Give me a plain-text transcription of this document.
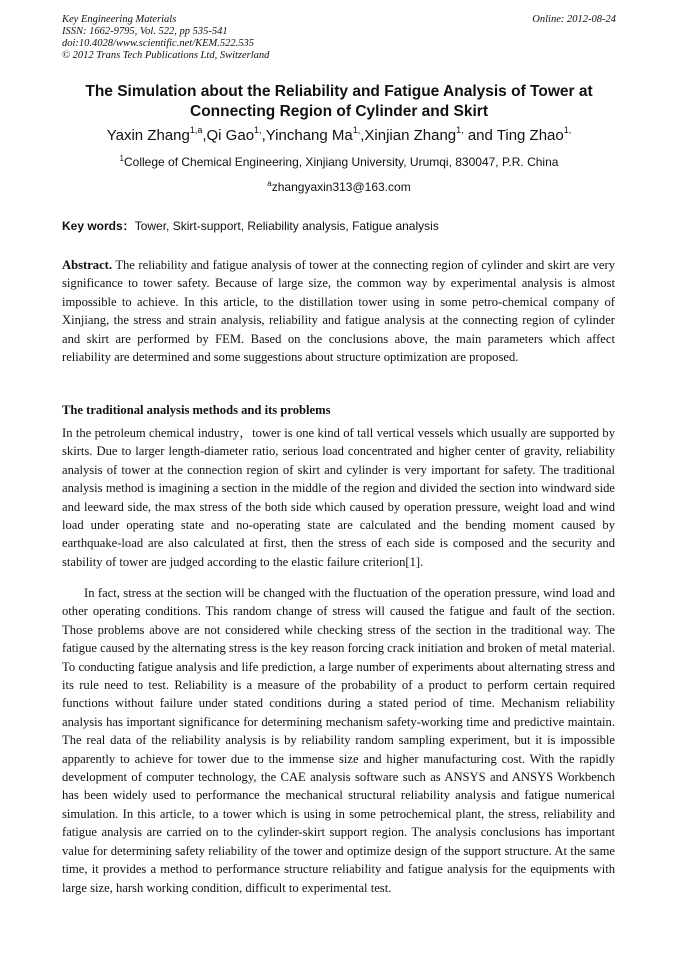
Key Engineering Materials
ISSN: 1662-9795, Vol. 522, pp 535-541
doi:10.4028/www.scientific.net/KEM.522.535
© 2012 Trans Tech Publications Ltd, Switzerland
Online: 2012-08-24
The Simulation about the Reliability and Fatigue Analysis of Tower at Connecting Region of Cylinder and Skirt
Yaxin Zhang$^{1,a}$,Qi Gao$^{1,}$,Yinchang $Ma^{1,},Xinjian$ Zhang$^{1,}$ and Ting Zhao$^{1,}$
$^1$College of Chemical Engineering, Xinjiang University, Urumqi, 830047, P.R. China
$^a$zhangyaxin313@163.com
Key words：Tower, Skirt-support, Reliability analysis, Fatigue analysis
Abstract. The reliability and fatigue analysis of tower at the connecting region of cylinder and skirt are very significance to tower safety. Because of large size, the common way by experimental analysis is almost impossible to achieve. In this article, to the distillation tower using in some petro-chemical company of Xinjiang, the stress and strain analysis, reliability and fatigue analysis at the connecting region of cylinder and skirt are performed by FEM. Based on the conclusions above, the main parameters which affect reliability are determined and some suggestions about structure optimization are proposed.
The traditional analysis methods and its problems
In the petroleum chemical industry，tower is one kind of tall vertical vessels which usually are supported by skirts. Due to larger length-diameter ratio, serious load concentrated and higher center of gravity, reliability analysis of tower at the connection region of skirt and cylinder is very important for safety. The traditional analysis method is imagining a section in the middle of the region and divided the section into windward side and leeward side, the max stress of the both side which caused by operation pressure, weight load and wind load under operating state and no-operating state are calculated and the bending moment caused by earthquake-load are also calculated at first, then the stress of each side is composed and the security and stability of tower are judged according to the elastic failure criterion[1].
In fact, stress at the section will be changed with the fluctuation of the operation pressure, wind load and other operating conditions. This random change of stress will caused the fatigue and fault of the section. Those problems above are not considered while checking stress of the section in the traditional way. The fatigue caused by the alternating stress is the key reason forcing crack initiation and broken of metal material. To conducting fatigue analysis and life prediction, a large number of experiments about alternating stress and its rule need to test. Reliability is a measure of the probability of a product to perform certain required functions without failure under stated conditions during a stated period of time. Mechanism reliability analysis has important significance for determining mechanism safety-working time and predictive maintain. The real data of the reliability analysis is by reliability random sampling experiment, but it is impossible apparently to achieve for tower due to the immense size and higher manufacturing cost. With the rapidly development of computer technology, the CAE analysis software such as ANSYS and ANSYS Workbench has been widely used to performance the mechanical structural reliability analysis and fatigue numerical simulation. In this article, to a tower which is using in some petrochemical plant, the stress, reliability and fatigue analysis are carried on to the cylinder-skirt support region. The analysis conclusions has important value for determining safety reliability of the tower and optimize design of the support structure. At the same time, it provides a method to performance structure reliability and fatigue analysis for the equipments with large size, harsh working condition, difficult to experimental test.
